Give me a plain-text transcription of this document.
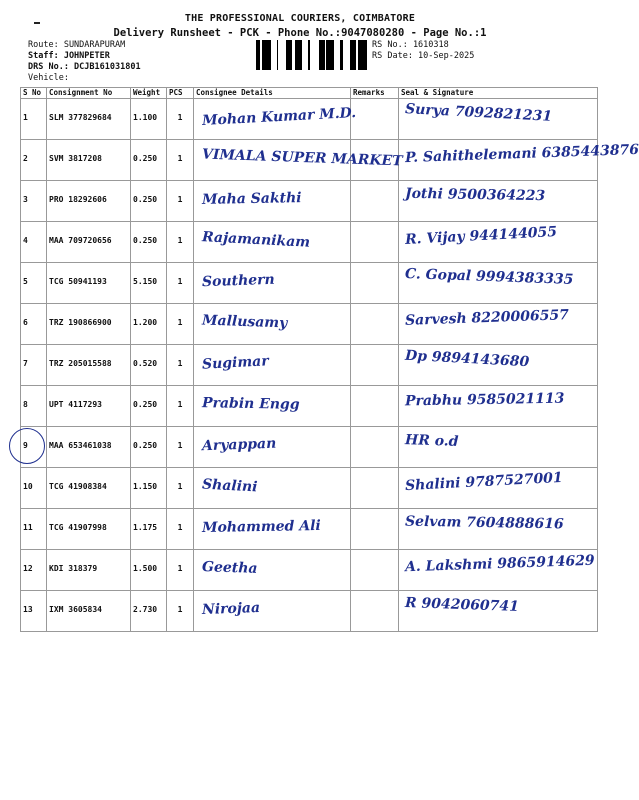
THE PROFESSIONAL COURIERS, COIMBATORE
Delivery Runsheet - PCK - Phone No.:9047080280 - Page No.:1
Route: SUNDARAPURAM
Staff: JOHNPETER
DRS No.: DCJB161031801
Vehicle:
RS No.: 1610318
RS Date: 10-Sep-2025
S No	Consignment No	Weight	PCS	Consignee Details	Remarks	Seal & Signature
1	SLM 377829684	1.100	1	Mohan Kumar M.D.		Surya 7092821231

2	SVM 3817208	0.250	1	VIMALA SUPER MARKET		P. Sahithelemani 6385443876

3	PRO 18292606	0.250	1	Maha Sakthi		Jothi 9500364223

4	MAA 709720656	0.250	1	Rajamanikam		R. Vijay 944144055

5	TCG 50941193	5.150	1	Southern		C. Gopal 9994383335

6	TRZ 190866900	1.200	1	Mallusamy		Sarvesh 8220006557

7	TRZ 205015588	0.520	1	Sugimar		Dp 9894143680

8	UPT 4117293	0.250	1	Prabin Engg		Prabhu 9585021113

9	MAA 653461038	0.250	1	Aryappan		HR o.d

10	TCG 41908384	1.150	1	Shalini		Shalini 9787527001

11	TCG 41907998	1.175	1	Mohammed Ali		Selvam 7604888616

12	KDI 318379	1.500	1	Geetha		A. Lakshmi 9865914629

13	IXM 3605834	2.730	1	Nirojaa		R 9042060741
